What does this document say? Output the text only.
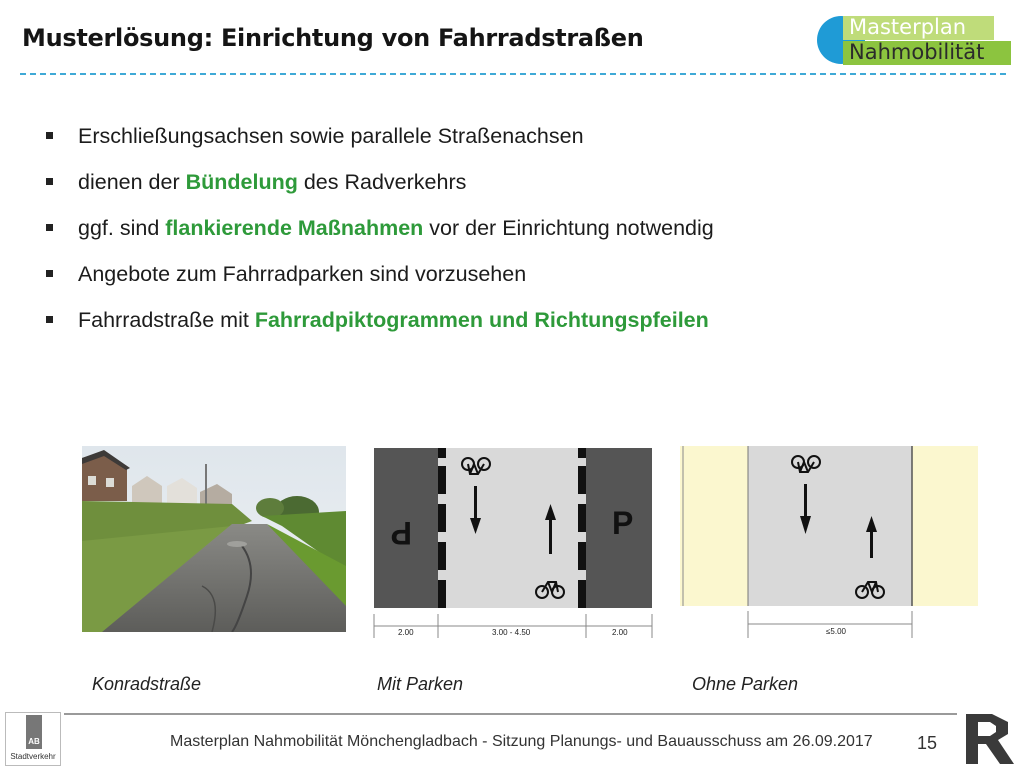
Musterlösung: Einrichtung von Fahrradstraßen	Masterplan
Nahmobilität
Erschließungsachsen sowie parallele Straßenachsen
dienen der Bündelung des Radverkehrs
ggf. sind flankierende Maßnahmen vor der Einrichtung notwendig
Angebote zum Fahrradparken sind vorzusehen
Fahrradstraße mit Fahrradpiktogrammen und Richtungspfeilen
P	P
2.00	3.00 - 4.50	2.00	≤5.00
Konradstraße	Mit Parken	Ohne Parken
AB
Stadtverkehr
Masterplan Nahmobilität Mönchengladbach - Sitzung Planungs- und Bauausschuss am 26.09.2017 15
